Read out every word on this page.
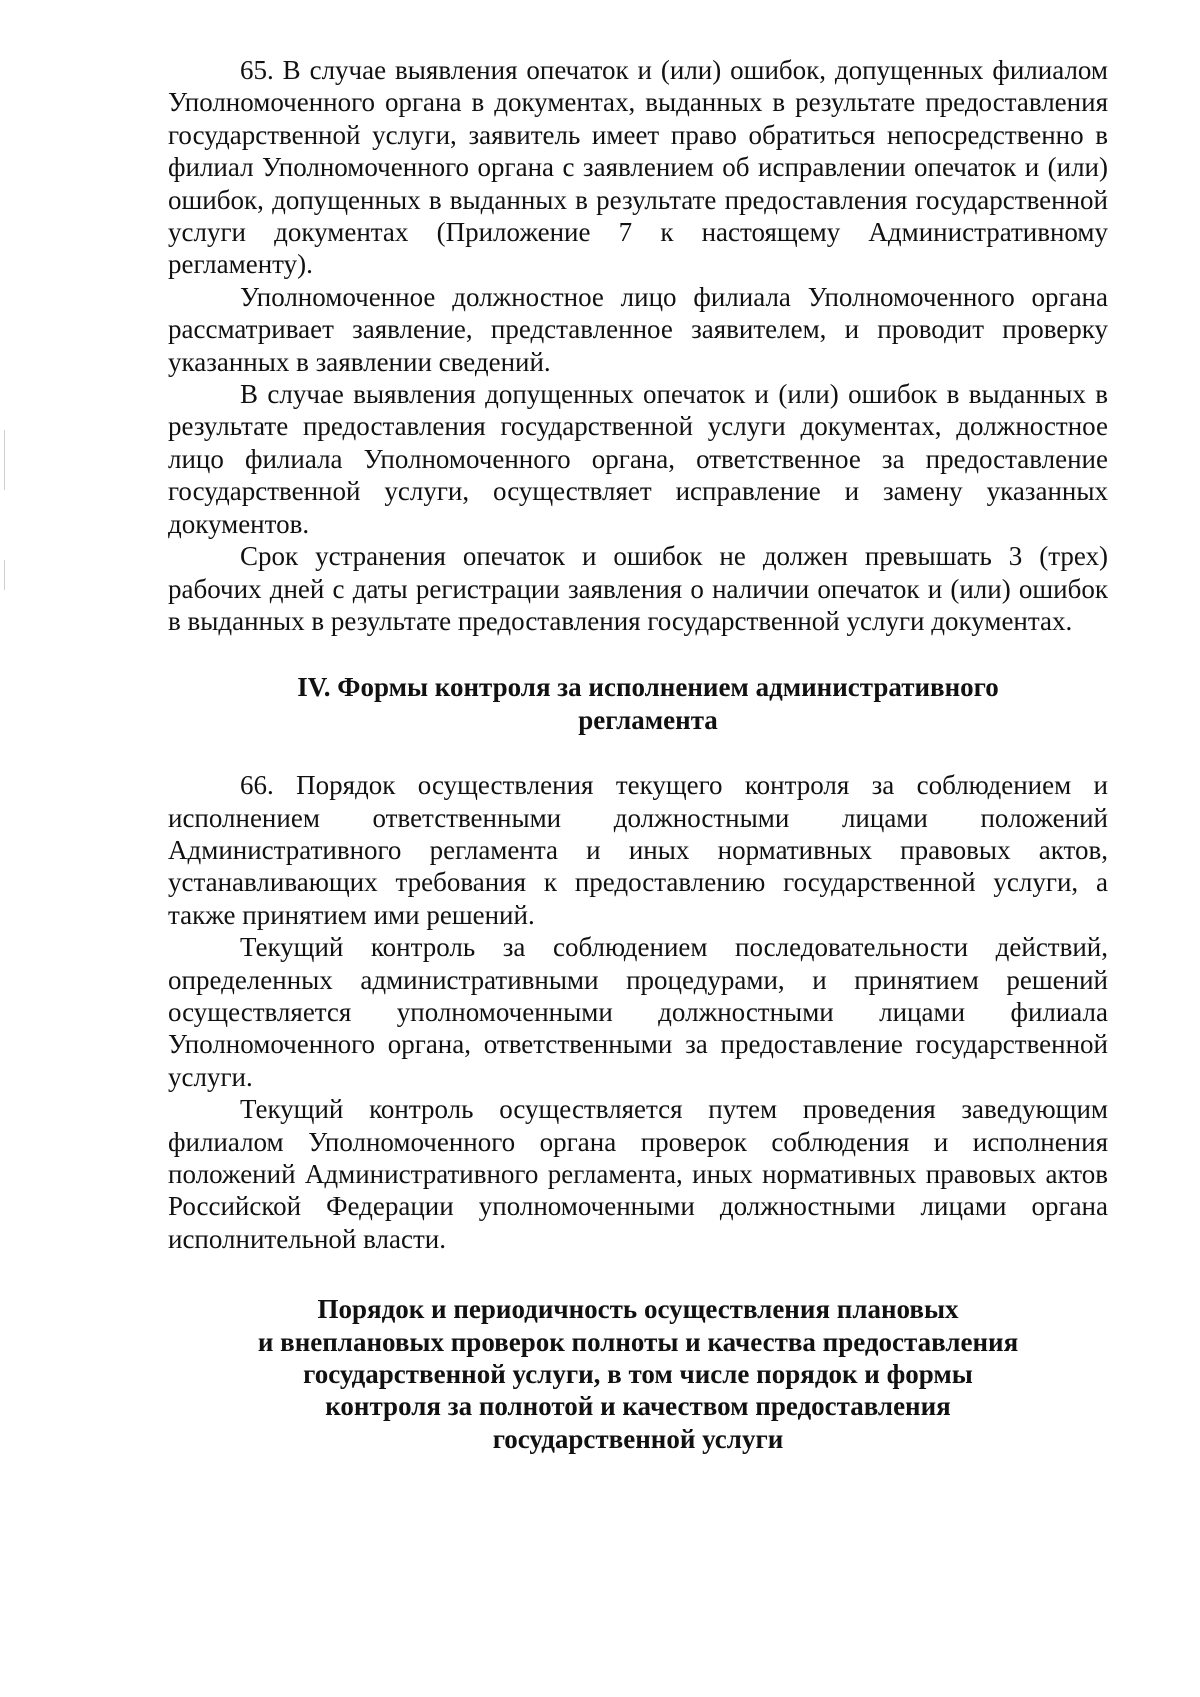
65. В случае выявления опечаток и (или) ошибок, допущенных филиалом Уполномоченного органа в документах, выданных в результате предоставления государственной услуги, заявитель имеет право обратиться непосредственно в филиал Уполномоченного органа с заявлением об исправлении опечаток и (или) ошибок, допущенных в выданных в результате предоставления государственной услуги документах (Приложение 7 к настоящему Административному регламенту).

Уполномоченное должностное лицо филиала Уполномоченного органа рассматривает заявление, представленное заявителем, и проводит проверку указанных в заявлении сведений.

В случае выявления допущенных опечаток и (или) ошибок в выданных в результате предоставления государственной услуги документах, должностное лицо филиала Уполномоченного органа, ответственное за предоставление государственной услуги, осуществляет исправление и замену указанных документов.

Срок устранения опечаток и ошибок не должен превышать 3 (трех) рабочих дней с даты регистрации заявления о наличии опечаток и (или) ошибок в выданных в результате предоставления государственной услуги документах.

IV. Формы контроля за исполнением административного
регламента

66. Порядок осуществления текущего контроля за соблюдением и исполнением ответственными должностными лицами положений Административного регламента и иных нормативных правовых актов, устанавливающих требования к предоставлению государственной услуги, а также принятием ими решений.

Текущий контроль за соблюдением последовательности действий, определенных административными процедурами, и принятием решений осуществляется уполномоченными должностными лицами филиала Уполномоченного органа, ответственными за предоставление государственной услуги.

Текущий контроль осуществляется путем проведения заведующим филиалом Уполномоченного органа проверок соблюдения и исполнения положений Административного регламента, иных нормативных правовых актов Российской Федерации уполномоченными должностными лицами органа исполнительной власти.

Порядок и периодичность осуществления плановых
и внеплановых проверок полноты и качества предоставления
государственной услуги, в том числе порядок и формы
контроля за полнотой и качеством предоставления
государственной услуги
